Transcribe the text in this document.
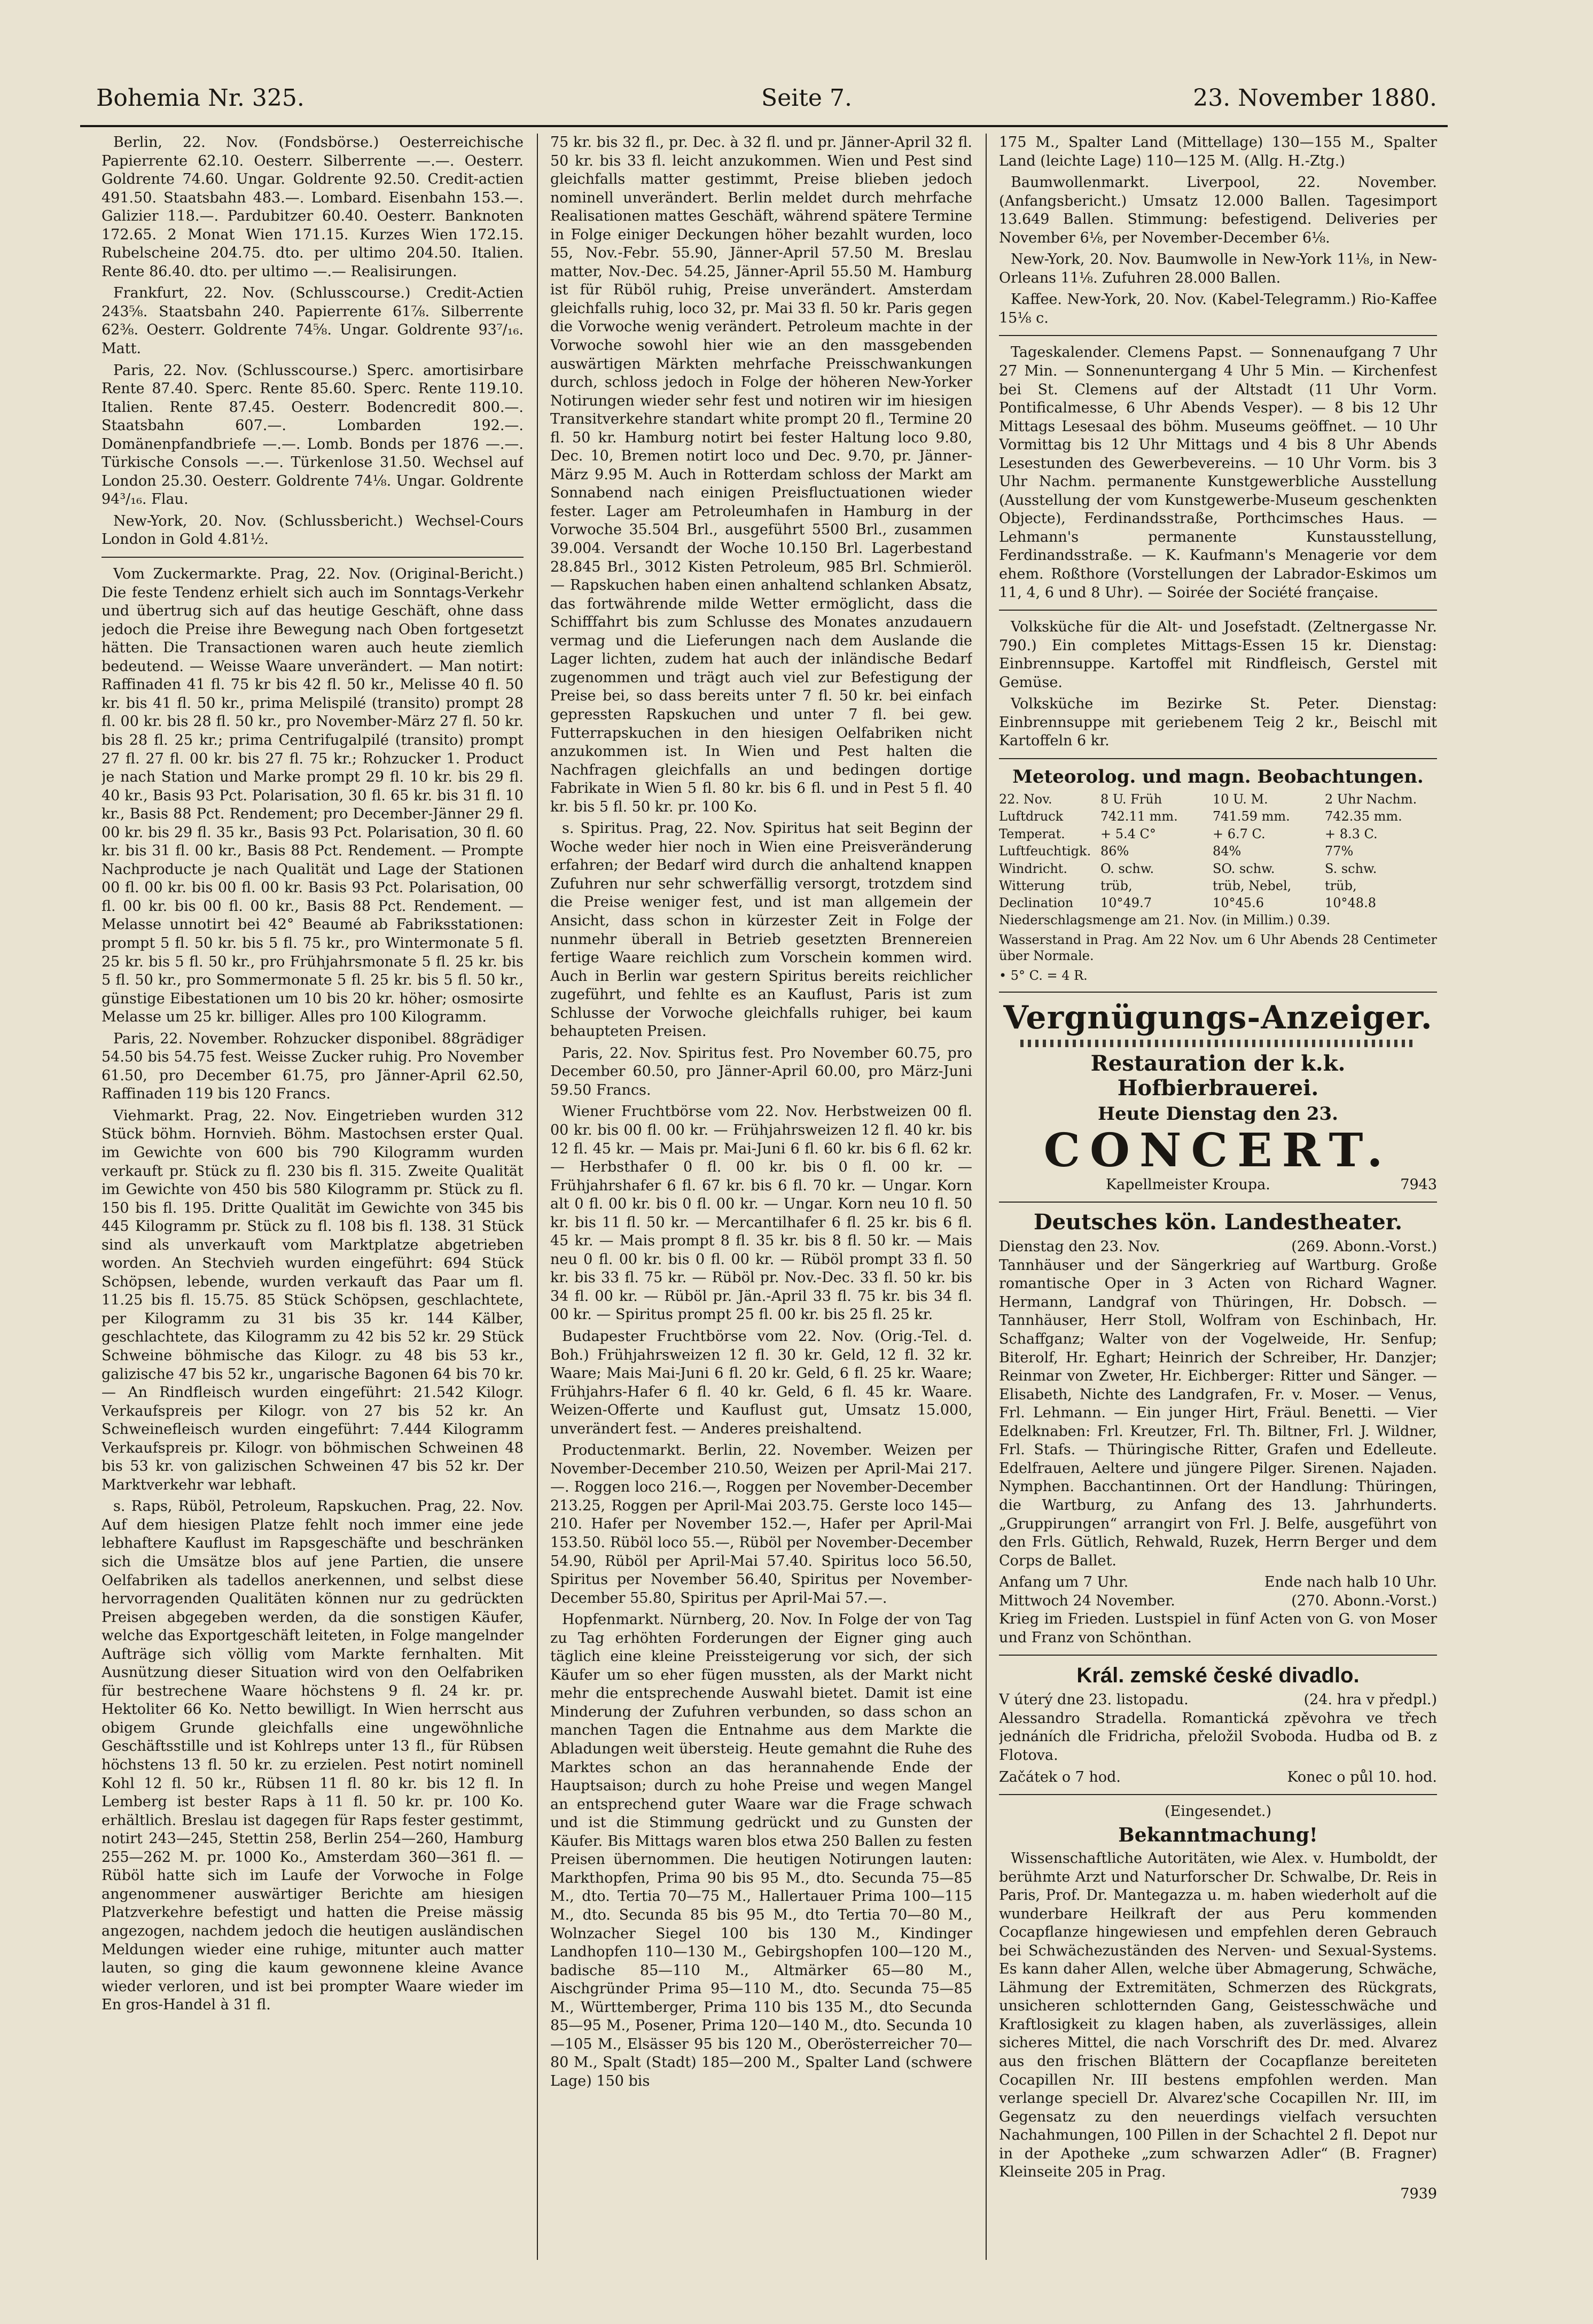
Bohemia Nr. 325.	Seite 7.	23. November 1880.

Berlin, 22. Nov. (Fondsbörse.) Oesterreichische Papierrente 62.10. Oesterr. Silberrente —.—. Oesterr. Goldrente 74.60. Ungar. Goldrente 92.50. Credit-actien 491.50. Staatsbahn 483.—. Lombard. Eisenbahn 153.—. Galizier 118.—. Pardubitzer 60.40. Oesterr. Banknoten 172.65. 2 Monat Wien 171.15. Kurzes Wien 172.15. Rubelscheine 204.75. dto. per ultimo 204.50. Italien. Rente 86.40. dto. per ultimo —.— Realisirungen.

Frankfurt, 22. Nov. (Schlusscourse.) Credit-Actien 243⅝. Staatsbahn 240. Papierrente 61⅞. Silberrente 62⅜. Oesterr. Goldrente 74⅝. Ungar. Goldrente 93⁷/₁₆. Matt.

Paris, 22. Nov. (Schlusscourse.) Sperc. amortisirbare Rente 87.40. Sperc. Rente 85.60. Sperc. Rente 119.10. Italien. Rente 87.45. Oesterr. Bodencredit 800.—. Staatsbahn 607.—. Lombarden 192.—. Domänenpfandbriefe —.—. Lomb. Bonds per 1876 —.—. Türkische Consols —.—. Türkenlose 31.50. Wechsel auf London 25.30. Oesterr. Goldrente 74⅛. Ungar. Goldrente 94³/₁₆. Flau.

New-York, 20. Nov. (Schlussbericht.) Wechsel-Cours London in Gold 4.81½.

Vom Zuckermarkte. Prag, 22. Nov. (Original-Bericht.) Die feste Tendenz erhielt sich auch im Sonntags-Verkehr und übertrug sich auf das heutige Geschäft, ohne dass jedoch die Preise ihre Bewegung nach Oben fortgesetzt hätten. Die Transactionen waren auch heute ziemlich bedeutend. — Weisse Waare unverändert. — Man notirt: Raffinaden 41 fl. 75 kr bis 42 fl. 50 kr., Melisse 40 fl. 50 kr. bis 41 fl. 50 kr., prima Melispilé (transito) prompt 28 fl. 00 kr. bis 28 fl. 50 kr., pro November-März 27 fl. 50 kr. bis 28 fl. 25 kr.; prima Centrifugalpilé (transito) prompt 27 fl. 27 fl. 00 kr. bis 27 fl. 75 kr.; Rohzucker 1. Product je nach Station und Marke prompt 29 fl. 10 kr. bis 29 fl. 40 kr., Basis 93 Pct. Polarisation, 30 fl. 65 kr. bis 31 fl. 10 kr., Basis 88 Pct. Rendement; pro December-Jänner 29 fl. 00 kr. bis 29 fl. 35 kr., Basis 93 Pct. Polarisation, 30 fl. 60 kr. bis 31 fl. 00 kr., Basis 88 Pct. Rendement. — Prompte Nachproducte je nach Qualität und Lage der Stationen 00 fl. 00 kr. bis 00 fl. 00 kr. Basis 93 Pct. Polarisation, 00 fl. 00 kr. bis 00 fl. 00 kr., Basis 88 Pct. Rendement. — Melasse unnotirt bei 42° Beaumé ab Fabriksstationen: prompt 5 fl. 50 kr. bis 5 fl. 75 kr., pro Wintermonate 5 fl. 25 kr. bis 5 fl. 50 kr., pro Frühjahrsmonate 5 fl. 25 kr. bis 5 fl. 50 kr., pro Sommermonate 5 fl. 25 kr. bis 5 fl. 50 kr., günstige Eibestationen um 10 bis 20 kr. höher; osmosirte Melasse um 25 kr. billiger. Alles pro 100 Kilogramm.

Paris, 22. November. Rohzucker disponibel. 88grädiger 54.50 bis 54.75 fest. Weisse Zucker ruhig. Pro November 61.50, pro December 61.75, pro Jänner-April 62.50, Raffinaden 119 bis 120 Francs.

Viehmarkt. Prag, 22. Nov. Eingetrieben wurden 312 Stück böhm. Hornvieh. Böhm. Mastochsen erster Qual. im Gewichte von 600 bis 790 Kilogramm wurden verkauft pr. Stück zu fl. 230 bis fl. 315. Zweite Qualität im Gewichte von 450 bis 580 Kilogramm pr. Stück zu fl. 150 bis fl. 195. Dritte Qualität im Gewichte von 345 bis 445 Kilogramm pr. Stück zu fl. 108 bis fl. 138. 31 Stück sind als unverkauft vom Marktplatze abgetrieben worden. An Stechvieh wurden eingeführt: 694 Stück Schöpsen, lebende, wurden verkauft das Paar um fl. 11.25 bis fl. 15.75. 85 Stück Schöpsen, geschlachtete, per Kilogramm zu 31 bis 35 kr. 144 Kälber, geschlachtete, das Kilogramm zu 42 bis 52 kr. 29 Stück Schweine böhmische das Kilogr. zu 48 bis 53 kr., galizische 47 bis 52 kr., ungarische Bagonen 64 bis 70 kr. — An Rindfleisch wurden eingeführt: 21.542 Kilogr. Verkaufspreis per Kilogr. von 27 bis 52 kr. An Schweinefleisch wurden eingeführt: 7.444 Kilogramm Verkaufspreis pr. Kilogr. von böhmischen Schweinen 48 bis 53 kr. von galizischen Schweinen 47 bis 52 kr. Der Marktverkehr war lebhaft.

s. Raps, Rüböl, Petroleum, Rapskuchen. Prag, 22. Nov. Auf dem hiesigen Platze fehlt noch immer eine jede lebhaftere Kauflust im Rapsgeschäfte und beschränken sich die Umsätze blos auf jene Partien, die unsere Oelfabriken als tadellos anerkennen, und selbst diese hervorragenden Qualitäten können nur zu gedrückten Preisen abgegeben werden, da die sonstigen Käufer, welche das Exportgeschäft leiteten, in Folge mangelnder Aufträge sich völlig vom Markte fernhalten. Mit Ausnützung dieser Situation wird von den Oelfabriken für bestrechene Waare höchstens 9 fl. 24 kr. pr. Hektoliter 66 Ko. Netto bewilligt. In Wien herrscht aus obigem Grunde gleichfalls eine ungewöhnliche Geschäftsstille und ist Kohlreps unter 13 fl., für Rübsen höchstens 13 fl. 50 kr. zu erzielen. Pest notirt nominell Kohl 12 fl. 50 kr., Rübsen 11 fl. 80 kr. bis 12 fl. In Lemberg ist bester Raps à 11 fl. 50 kr. pr. 100 Ko. erhältlich. Breslau ist dagegen für Raps fester gestimmt, notirt 243—245, Stettin 258, Berlin 254—260, Hamburg 255—262 M. pr. 1000 Ko., Amsterdam 360—361 fl. — Rüböl hatte sich im Laufe der Vorwoche in Folge angenommener auswärtiger Berichte am hiesigen Platzverkehre befestigt und hatten die Preise mässig angezogen, nachdem jedoch die heutigen ausländischen Meldungen wieder eine ruhige, mitunter auch matter lauten, so ging die kaum gewonnene kleine Avance wieder verloren, und ist bei prompter Waare wieder im En gros-Handel à 31 fl.

75 kr. bis 32 fl., pr. Dec. à 32 fl. und pr. Jänner-April 32 fl. 50 kr. bis 33 fl. leicht anzukommen. Wien und Pest sind gleichfalls matter gestimmt, Preise blieben jedoch nominell unverändert. Berlin meldet durch mehrfache Realisationen mattes Geschäft, während spätere Termine in Folge einiger Deckungen höher bezahlt wurden, loco 55, Nov.-Febr. 55.90, Jänner-April 57.50 M. Breslau matter, Nov.-Dec. 54.25, Jänner-April 55.50 M. Hamburg ist für Rüböl ruhig, Preise unverändert. Amsterdam gleichfalls ruhig, loco 32, pr. Mai 33 fl. 50 kr. Paris gegen die Vorwoche wenig verändert. Petroleum machte in der Vorwoche sowohl hier wie an den massgebenden auswärtigen Märkten mehrfache Preisschwankungen durch, schloss jedoch in Folge der höheren New-Yorker Notirungen wieder sehr fest und notiren wir im hiesigen Transitverkehre standart white prompt 20 fl., Termine 20 fl. 50 kr. Hamburg notirt bei fester Haltung loco 9.80, Dec. 10, Bremen notirt loco und Dec. 9.70, pr. Jänner-März 9.95 M. Auch in Rotterdam schloss der Markt am Sonnabend nach einigen Preisfluctuationen wieder fester. Lager am Petroleumhafen in Hamburg in der Vorwoche 35.504 Brl., ausgeführt 5500 Brl., zusammen 39.004. Versandt der Woche 10.150 Brl. Lagerbestand 28.845 Brl., 3012 Kisten Petroleum, 985 Brl. Schmieröl. — Rapskuchen haben einen anhaltend schlanken Absatz, das fortwährende milde Wetter ermöglicht, dass die Schifffahrt bis zum Schlusse des Monates anzudauern vermag und die Lieferungen nach dem Auslande die Lager lichten, zudem hat auch der inländische Bedarf zugenommen und trägt auch viel zur Befestigung der Preise bei, so dass bereits unter 7 fl. 50 kr. bei einfach gepressten Rapskuchen und unter 7 fl. bei gew. Futterrapskuchen in den hiesigen Oelfabriken nicht anzukommen ist. In Wien und Pest halten die Nachfragen gleichfalls an und bedingen dortige Fabrikate in Wien 5 fl. 80 kr. bis 6 fl. und in Pest 5 fl. 40 kr. bis 5 fl. 50 kr. pr. 100 Ko.

s. Spiritus. Prag, 22. Nov. Spiritus hat seit Beginn der Woche weder hier noch in Wien eine Preisveränderung erfahren; der Bedarf wird durch die anhaltend knappen Zufuhren nur sehr schwerfällig versorgt, trotzdem sind die Preise weniger fest, und ist man allgemein der Ansicht, dass schon in kürzester Zeit in Folge der nunmehr überall in Betrieb gesetzten Brennereien fertige Waare reichlich zum Vorschein kommen wird. Auch in Berlin war gestern Spiritus bereits reichlicher zugeführt, und fehlte es an Kauflust, Paris ist zum Schlusse der Vorwoche gleichfalls ruhiger, bei kaum behaupteten Preisen.

Paris, 22. Nov. Spiritus fest. Pro November 60.75, pro December 60.50, pro Jänner-April 60.00, pro März-Juni 59.50 Francs.

Wiener Fruchtbörse vom 22. Nov. Herbstweizen 00 fl. 00 kr. bis 00 fl. 00 kr. — Frühjahrsweizen 12 fl. 40 kr. bis 12 fl. 45 kr. — Mais pr. Mai-Juni 6 fl. 60 kr. bis 6 fl. 62 kr. — Herbsthafer 0 fl. 00 kr. bis 0 fl. 00 kr. — Frühjahrshafer 6 fl. 67 kr. bis 6 fl. 70 kr. — Ungar. Korn alt 0 fl. 00 kr. bis 0 fl. 00 kr. — Ungar. Korn neu 10 fl. 50 kr. bis 11 fl. 50 kr. — Mercantilhafer 6 fl. 25 kr. bis 6 fl. 45 kr. — Mais prompt 8 fl. 35 kr. bis 8 fl. 50 kr. — Mais neu 0 fl. 00 kr. bis 0 fl. 00 kr. — Rüböl prompt 33 fl. 50 kr. bis 33 fl. 75 kr. — Rüböl pr. Nov.-Dec. 33 fl. 50 kr. bis 34 fl. 00 kr. — Rüböl pr. Jän.-April 33 fl. 75 kr. bis 34 fl. 00 kr. — Spiritus prompt 25 fl. 00 kr. bis 25 fl. 25 kr.

Budapester Fruchtbörse vom 22. Nov. (Orig.-Tel. d. Boh.) Frühjahrsweizen 12 fl. 30 kr. Geld, 12 fl. 32 kr. Waare; Mais Mai-Juni 6 fl. 20 kr. Geld, 6 fl. 25 kr. Waare; Frühjahrs-Hafer 6 fl. 40 kr. Geld, 6 fl. 45 kr. Waare. Weizen-Offerte und Kauflust gut, Umsatz 15.000, unverändert fest. — Anderes preishaltend.

Productenmarkt. Berlin, 22. November. Weizen per November-December 210.50, Weizen per April-Mai 217.—. Roggen loco 216.—, Roggen per November-December 213.25, Roggen per April-Mai 203.75. Gerste loco 145—210. Hafer per November 152.—, Hafer per April-Mai 153.50. Rüböl loco 55.—, Rüböl per November-December 54.90, Rüböl per April-Mai 57.40. Spiritus loco 56.50, Spiritus per November 56.40, Spiritus per November-December 55.80, Spiritus per April-Mai 57.—.

Hopfenmarkt. Nürnberg, 20. Nov. In Folge der von Tag zu Tag erhöhten Forderungen der Eigner ging auch täglich eine kleine Preissteigerung vor sich, der sich Käufer um so eher fügen mussten, als der Markt nicht mehr die entsprechende Auswahl bietet. Damit ist eine Minderung der Zufuhren verbunden, so dass schon an manchen Tagen die Entnahme aus dem Markte die Abladungen weit übersteig. Heute gemahnt die Ruhe des Marktes schon an das herannahende Ende der Hauptsaison; durch zu hohe Preise und wegen Mangel an entsprechend guter Waare war die Frage schwach und ist die Stimmung gedrückt und zu Gunsten der Käufer. Bis Mittags waren blos etwa 250 Ballen zu festen Preisen übernommen. Die heutigen Notirungen lauten: Markthopfen, Prima 90 bis 95 M., dto. Secunda 75—85 M., dto. Tertia 70—75 M., Hallertauer Prima 100—115 M., dto. Secunda 85 bis 95 M., dto Tertia 70—80 M., Wolnzacher Siegel 100 bis 130 M., Kindinger Landhopfen 110—130 M., Gebirgshopfen 100—120 M., badische 85—110 M., Altmärker 65—80 M., Aischgründer Prima 95—110 M., dto. Secunda 75—85 M., Württemberger, Prima 110 bis 135 M., dto Secunda 85—95 M., Posener, Prima 120—140 M., dto. Secunda 10—105 M., Elsässer 95 bis 120 M., Oberösterreicher 70—80 M., Spalt (Stadt) 185—200 M., Spalter Land (schwere Lage) 150 bis

175 M., Spalter Land (Mittellage) 130—155 M., Spalter Land (leichte Lage) 110—125 M. (Allg. H.-Ztg.)

Baumwollenmarkt. Liverpool, 22. November. (Anfangsbericht.) Umsatz 12.000 Ballen. Tagesimport 13.649 Ballen. Stimmung: befestigend. Deliveries per November 6⅛, per November-December 6⅛.

New-York, 20. Nov. Baumwolle in New-York 11⅛, in New-Orleans 11⅛. Zufuhren 28.000 Ballen.

Kaffee. New-York, 20. Nov. (Kabel-Telegramm.) Rio-Kaffee 15⅛ c.

Tageskalender. Clemens Papst. — Sonnenaufgang 7 Uhr 27 Min. — Sonnenuntergang 4 Uhr 5 Min. — Kirchenfest bei St. Clemens auf der Altstadt (11 Uhr Vorm. Pontificalmesse, 6 Uhr Abends Vesper). — 8 bis 12 Uhr Mittags Lesesaal des böhm. Museums geöffnet. — 10 Uhr Vormittag bis 12 Uhr Mittags und 4 bis 8 Uhr Abends Lesestunden des Gewerbevereins. — 10 Uhr Vorm. bis 3 Uhr Nachm. permanente Kunstgewerbliche Ausstellung (Ausstellung der vom Kunstgewerbe-Museum geschenkten Objecte), Ferdinandsstraße, Porthcimsches Haus. — Lehmann's permanente Kunstausstellung, Ferdinandsstraße. — K. Kaufmann's Menagerie vor dem ehem. Roßthore (Vorstellungen der Labrador-Eskimos um 11, 4, 6 und 8 Uhr). — Soirée der Société française.

Volksküche für die Alt- und Josefstadt. (Zeltnergasse Nr. 790.) Ein completes Mittags-Essen 15 kr. Dienstag: Einbrennsuppe. Kartoffel mit Rindfleisch, Gerstel mit Gemüse.

Volksküche im Bezirke St. Peter. Dienstag: Einbrennsuppe mit geriebenem Teig 2 kr., Beischl mit Kartoffeln 6 kr.

Meteorolog. und magn. Beobachtungen.
22. Nov.	8 U. Früh	10 U. M.	2 Uhr Nachm.
Luftdruck	742.11 mm.	741.59 mm.	742.35 mm.
Temperat.	+ 5.4 C°	+ 6.7 C.	+ 8.3 C.
Luftfeuchtigk. 86%	84%	77%
Windricht.	O. schw.	SO. schw.	S. schw.
Witterung	trüb,	trüb, Nebel,	trüb,
Declination	10°49.7	10°45.6	10°48.8

Niederschlagsmenge am 21. Nov. (in Millim.) 0.39.

Wasserstand in Prag. Am 22 Nov. um 6 Uhr Abends 28 Centimeter über Normale.

• 5° C. = 4 R.

Vergnügungs-Anzeiger.
Restauration der k.k. Hofbierbrauerei.
Heute Dienstag den 23.
CONCERT.
Kapellmeister Kroupa.	7943
Deutsches kön. Landestheater.
Dienstag den 23. Nov.	(269. Abonn.-Vorst.)

Tannhäuser und der Sängerkrieg auf Wartburg. Große romantische Oper in 3 Acten von Richard Wagner. Hermann, Landgraf von Thüringen, Hr. Dobsch. — Tannhäuser, Herr Stoll, Wolfram von Eschinbach, Hr. Schaffganz; Walter von der Vogelweide, Hr. Senfup; Biterolf, Hr. Eghart; Heinrich der Schreiber, Hr. Danzjer; Reinmar von Zweter, Hr. Eichberger: Ritter und Sänger. — Elisabeth, Nichte des Landgrafen, Fr. v. Moser. — Venus, Frl. Lehmann. — Ein junger Hirt, Fräul. Benetti. — Vier Edelknaben: Frl. Kreutzer, Frl. Th. Biltner, Frl. J. Wildner, Frl. Stafs. — Thüringische Ritter, Grafen und Edelleute. Edelfrauen, Aeltere und jüngere Pilger. Sirenen. Najaden. Nymphen. Bacchantinnen. Ort der Handlung: Thüringen, die Wartburg, zu Anfang des 13. Jahrhunderts. „Gruppirungen“ arrangirt von Frl. J. Belfe, ausgeführt von den Frls. Gütlich, Rehwald, Ruzek, Herrn Berger und dem Corps de Ballet.

Anfang um 7 Uhr.	Ende nach halb 10 Uhr.
Mittwoch 24 November.	(270. Abonn.-Vorst.)

Krieg im Frieden. Lustspiel in fünf Acten von G. von Moser und Franz von Schönthan.

Král. zemské české divadlo.
V úterý dne 23. listopadu.	(24. hra v předpl.)

Alessandro Stradella. Romantická zpěvohra ve třech jednáních dle Fridricha, přeložil Svoboda. Hudba od B. z Flotova.

Začátek o 7 hod.	Konec o půl 10. hod.
(Eingesendet.)
Bekanntmachung!

Wissenschaftliche Autoritäten, wie Alex. v. Humboldt, der berühmte Arzt und Naturforscher Dr. Schwalbe, Dr. Reis in Paris, Prof. Dr. Mantegazza u. m. haben wiederholt auf die wunderbare Heilkraft der aus Peru kommenden Cocapflanze hingewiesen und empfehlen deren Gebrauch bei Schwächezuständen des Nerven- und Sexual-Systems. Es kann daher Allen, welche über Abmagerung, Schwäche, Lähmung der Extremitäten, Schmerzen des Rückgrats, unsicheren schlotternden Gang, Geistesschwäche und Kraftlosigkeit zu klagen haben, als zuverlässiges, allein sicheres Mittel, die nach Vorschrift des Dr. med. Alvarez aus den frischen Blättern der Cocapflanze bereiteten Cocapillen Nr. III bestens empfohlen werden. Man verlange speciell Dr. Alvarez'sche Cocapillen Nr. III, im Gegensatz zu den neuerdings vielfach versuchten Nachahmungen, 100 Pillen in der Schachtel 2 fl. Depot nur in der Apotheke „zum schwarzen Adler“ (B. Fragner) Kleinseite 205 in Prag.

7939
